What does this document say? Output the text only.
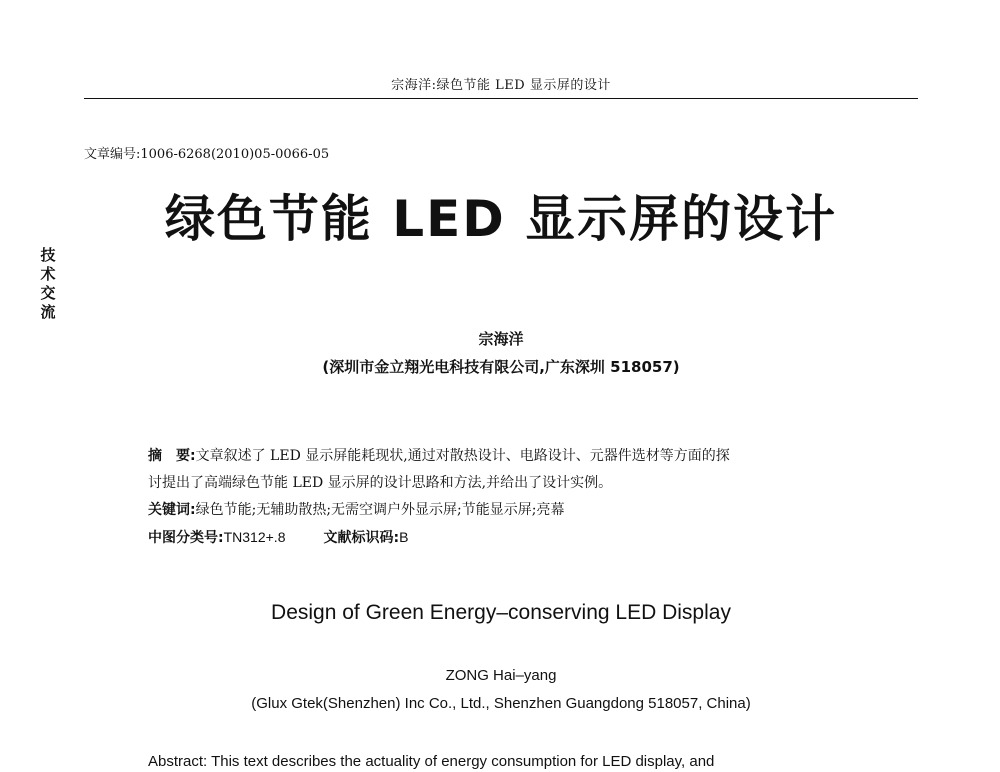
宗海洋:绿色节能 LED 显示屏的设计
文章编号:1006-6268(2010)05-0066-05
技术交流
绿色节能 LED 显示屏的设计
宗海洋
(深圳市金立翔光电科技有限公司,广东深圳 518057)
摘　要:文章叙述了 LED 显示屏能耗现状,通过对散热设计、电路设计、元器件选材等方面的探
讨提出了高端绿色节能 LED 显示屏的设计思路和方法,并给出了设计实例。
关键词:绿色节能;无辅助散热;无需空调户外显示屏;节能显示屏;亮幕
中图分类号:TN312+.8	文献标识码:B
Design of Green Energy–conserving LED Display
ZONG Hai–yang
(Glux Gtek(Shenzhen) Inc Co., Ltd., Shenzhen Guangdong 518057, China)
Abstract: This text describes the actuality of energy consumption for LED display, and
